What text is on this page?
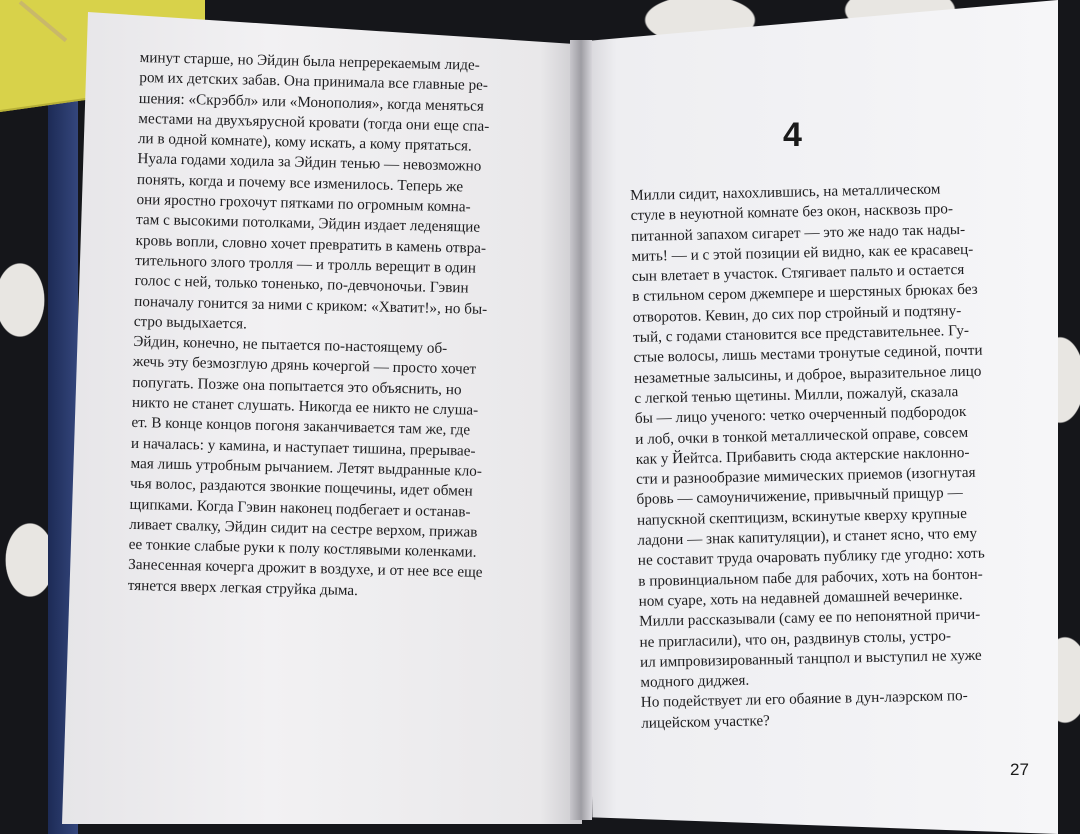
минут старше, но Эйдин была непререкаемым лиде-
ром их детских забав. Она принимала все главные ре-
шения: «Скрэббл» или «Монополия», когда меняться
местами на двухъярусной кровати (тогда они еще спа-
ли в одной комнате), кому искать, а кому прятаться.
Нуала годами ходила за Эйдин тенью — невозможно
понять, когда и почему все изменилось. Теперь же
они яростно грохочут пятками по огромным комна-
там с высокими потолками, Эйдин издает леденящие
кровь вопли, словно хочет превратить в камень отвра-
тительного злого тролля — и тролль верещит в один
голос с ней, только тоненько, по-девчоночьи. Гэвин
поначалу гонится за ними с криком: «Хватит!», но бы-
стро выдыхается.
Эйдин, конечно, не пытается по-настоящему об-
жечь эту безмозглую дрянь кочергой — просто хочет
попугать. Позже она попытается это объяснить, но
никто не станет слушать. Никогда ее никто не слуша-
ет. В конце концов погоня заканчивается там же, где
и началась: у камина, и наступает тишина, прерывае-
мая лишь утробным рычанием. Летят выдранные кло-
чья волос, раздаются звонкие пощечины, идет обмен
щипками. Когда Гэвин наконец подбегает и останав-
ливает свалку, Эйдин сидит на сестре верхом, прижав
ее тонкие слабые руки к полу костлявыми коленками.
Занесенная кочерга дрожит в воздухе, и от нее все еще
тянется вверх легкая струйка дыма.
4
Милли сидит, нахохлившись, на металлическом
стуле в неуютной комнате без окон, насквозь про-
питанной запахом сигарет — это же надо так нады-
мить! — и с этой позиции ей видно, как ее красавец-
сын влетает в участок. Стягивает пальто и остается
в стильном сером джемпере и шерстяных брюках без
отворотов. Кевин, до сих пор стройный и подтяну-
тый, с годами становится все представительнее. Гу-
стые волосы, лишь местами тронутые сединой, почти
незаметные залысины, и доброе, выразительное лицо
с легкой тенью щетины. Милли, пожалуй, сказала
бы — лицо ученого: четко очерченный подбородок
и лоб, очки в тонкой металлической оправе, совсем
как у Йейтса. Прибавить сюда актерские наклонно-
сти и разнообразие мимических приемов (изогнутая
бровь — самоуничижение, привычный прищур —
напускной скептицизм, вскинутые кверху крупные
ладони — знак капитуляции), и станет ясно, что ему
не составит труда очаровать публику где угодно: хоть
в провинциальном пабе для рабочих, хоть на бонтон-
ном суаре, хоть на недавней домашней вечеринке.
Милли рассказывали (саму ее по непонятной причи-
не пригласили), что он, раздвинув столы, устро-
ил импровизированный танцпол и выступил не хуже
модного диджея.
Но подействует ли его обаяние в дун-лаэрском по-
лицейском участке?
27
